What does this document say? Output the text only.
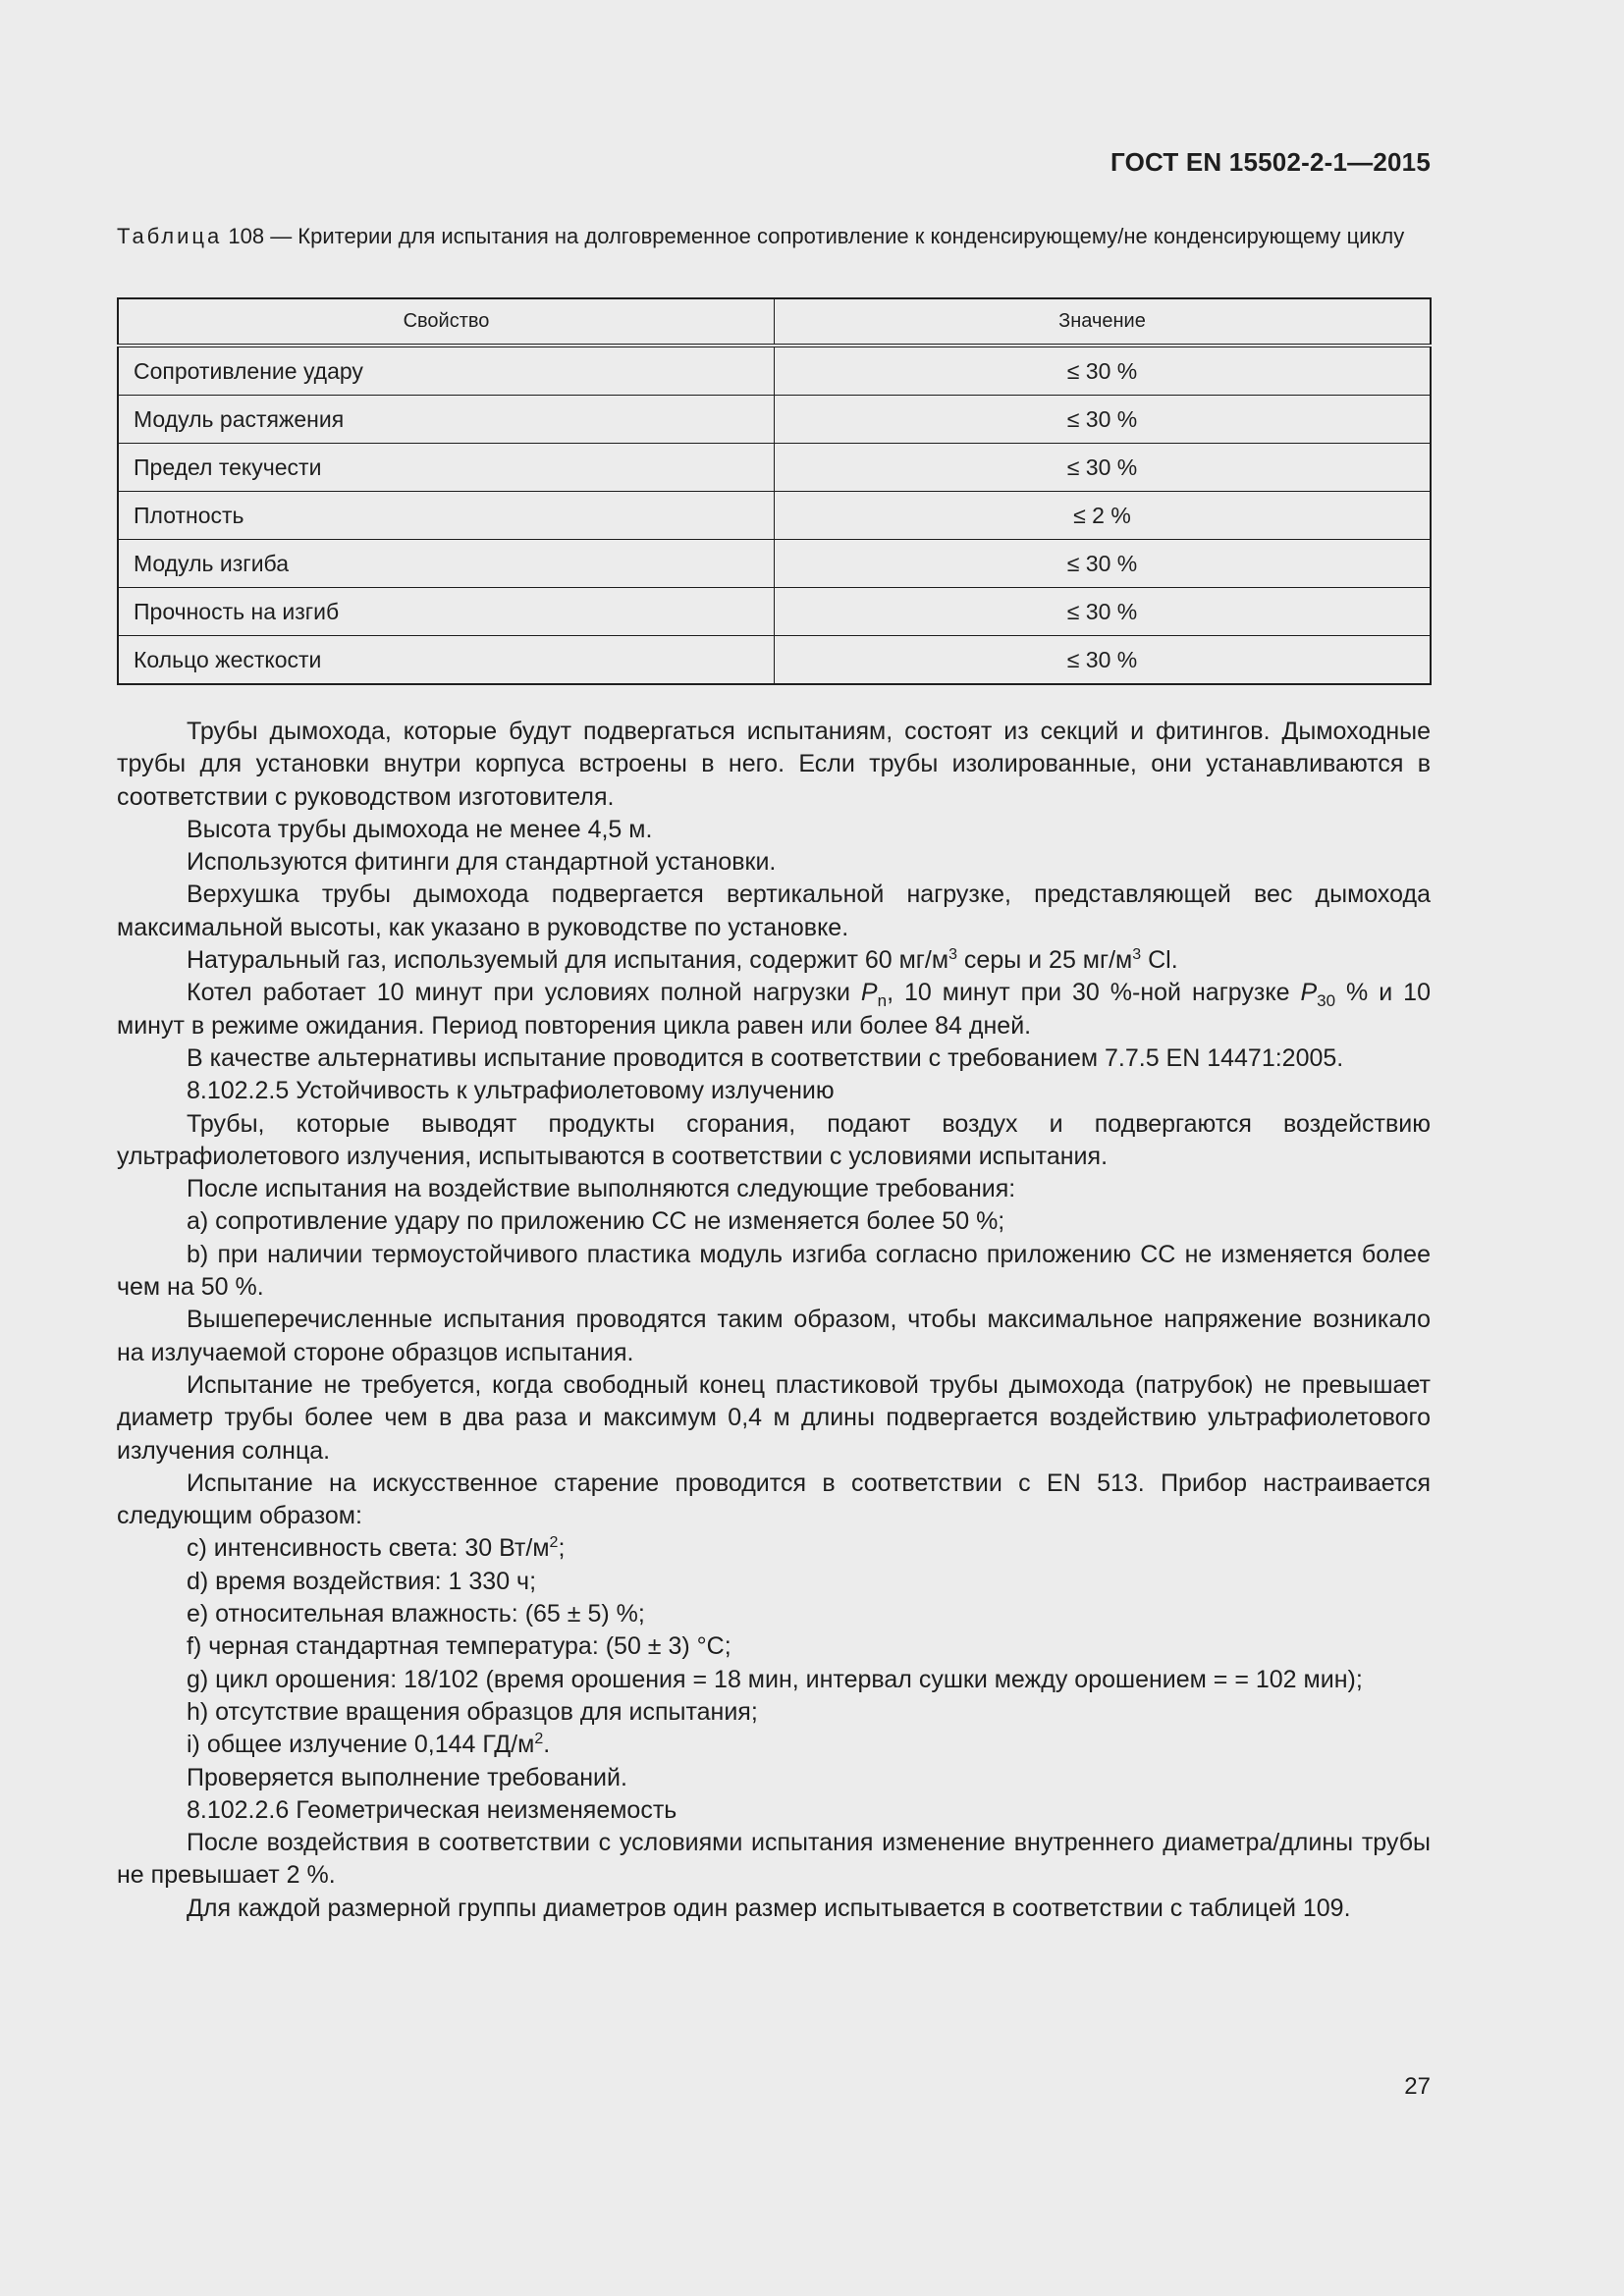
ГОСТ EN 15502-2-1—2015
Таблица 108 — Критерии для испытания на долговременное сопротивление к конденсирующему/не конденсирующему циклу
Свойство	Значение
Сопротивление удару	≤ 30 %
Модуль растяжения	≤ 30 %
Предел текучести	≤ 30 %
Плотность	≤ 2 %
Модуль изгиба	≤ 30 %
Прочность на изгиб	≤ 30 %
Кольцо жесткости	≤ 30 %

Трубы дымохода, которые будут подвергаться испытаниям, состоят из секций и фитингов. Дымоходные трубы для установки внутри корпуса встроены в него. Если трубы изолированные, они устанавливаются в соответствии с руководством изготовителя.

Высота трубы дымохода не менее 4,5 м.

Используются фитинги для стандартной установки.

Верхушка трубы дымохода подвергается вертикальной нагрузке, представляющей вес дымохода максимальной высоты, как указано в руководстве по установке.

Натуральный газ, используемый для испытания, содержит 60 $мг/м^3$ серы и 25 $мг/м^3$ Cl.

Котел работает 10 минут при условиях полной нагрузки $P_n$, 10 минут при 30 %-ной нагрузке $P_{30}$ % и 10 минут в режиме ожидания. Период повторения цикла равен или более 84 дней.

В качестве альтернативы испытание проводится в соответствии с требованием 7.7.5 EN 14471:2005.

8.102.2.5 Устойчивость к ультрафиолетовому излучению

Трубы, которые выводят продукты сгорания, подают воздух и подвергаются воздействию ультрафиолетового излучения, испытываются в соответствии с условиями испытания.

После испытания на воздействие выполняются следующие требования:

a) сопротивление удару по приложению CC не изменяется более 50 %;

b) при наличии термоустойчивого пластика модуль изгиба согласно приложению CC не изменяется более чем на 50 %.

Вышеперечисленные испытания проводятся таким образом, чтобы максимальное напряжение возникало на излучаемой стороне образцов испытания.

Испытание не требуется, когда свободный конец пластиковой трубы дымохода (патрубок) не превышает диаметр трубы более чем в два раза и максимум 0,4 м длины подвергается воздействию ультрафиолетового излучения солнца.

Испытание на искусственное старение проводится в соответствии с EN 513. Прибор настраивается следующим образом:

c) интенсивность света: 30 $Вт/м^2$;

d) время воздействия: 1 330 ч;

e) относительная влажность: (65 ± 5) %;

f) черная стандартная температура: (50 ± 3) °C;

g) цикл орошения: 18/102 (время орошения = 18 мин, интервал сушки между орошением = = 102 мин);

h) отсутствие вращения образцов для испытания;

i) общее излучение 0,144 $ГД/м^2$.

Проверяется выполнение требований.

8.102.2.6 Геометрическая неизменяемость

После воздействия в соответствии с условиями испытания изменение внутреннего диаметра/длины трубы не превышает 2 %.

Для каждой размерной группы диаметров один размер испытывается в соответствии с таблицей 109.

27
